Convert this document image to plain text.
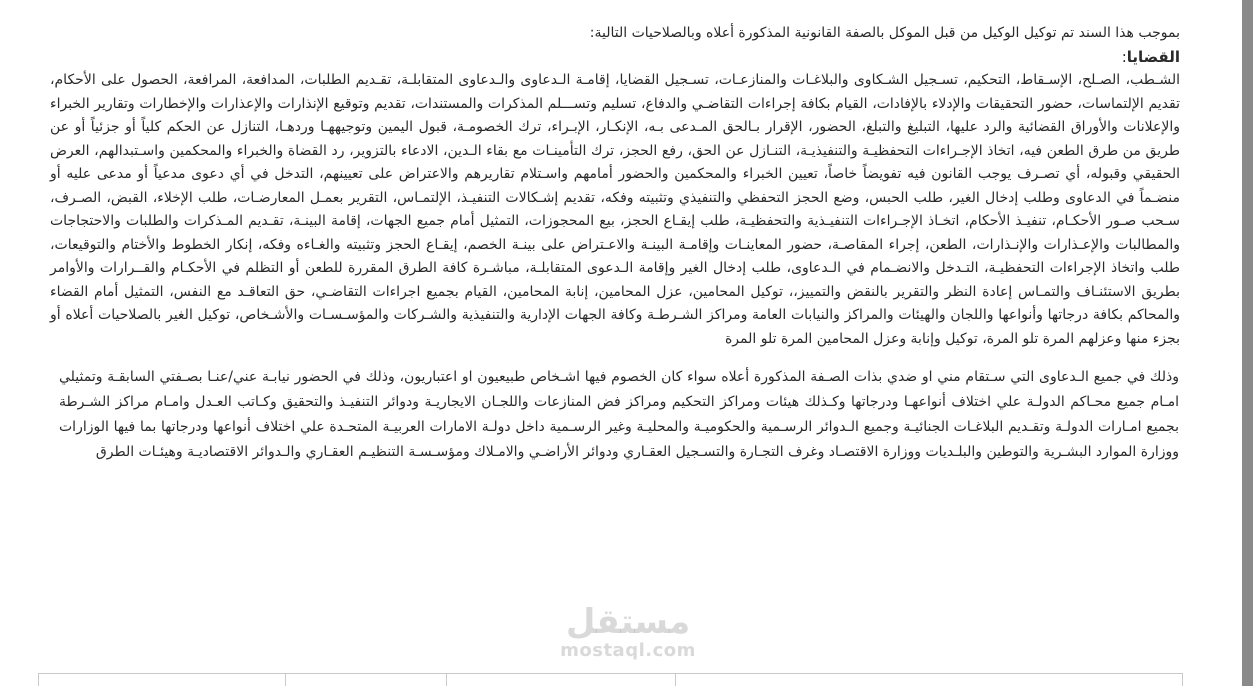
بموجب هذا السند تم توكيل الوكيل من قبل الموكل بالصفة القانونية المذكورة أعلاه وبالصلاحيات التالية:

القضايا:

الشـطب، الصـلح، الإسـقاط، التحكيم، تسـجيل الشـكاوى والبلاغـات والمنازعـات، تسـجيل القضايا، إقامـة الـدعاوى والـدعاوى المتقابلـة، تقـديم الطلبات، المدافعة، المرافعة، الحصول على الأحكام، تقديم الإلتماسات، حضور التحقيقات والإدلاء بالإفادات، القيام بكافة إجراءات التقاضـي والدفاع، تسليم وتســـلم المذكرات والمستندات، تقديم وتوقيع الإنذارات والإعذارات والإخطارات وتقارير الخبراء والإعلانات والأوراق القضائية والرد عليها، التبليغ والتبلغ، الحضور، الإقرار بـالحق المـدعى بـه، الإنكـار، الإبـراء، ترك الخصومـة، قبول اليمين وتوجيههـا وردهـا، التنازل عن الحكم كلياً أو جزئياً أو عن طريق من طرق الطعن فيه، اتخاذ الإجـراءات التحفظيـة والتنفيذيـة، التنـازل عن الحق، رفع الحجز، ترك التأمينـات مع بقاء الـدين، الادعاء بالتزوير، رد القضاة والخبراء والمحكمين واسـتبدالهم، العرض الحقيقي وقبوله، أي تصـرف يوجب القانون فيه تفويضاً خاصاً، تعيين الخبراء والمحكمين والحضور أمامهم واسـتلام تقاريرهم والاعتراض على تعيينهم، التدخل في أي دعوى مدعياً أو مدعى عليه أو منضـماً في الدعاوى وطلب إدخال الغير، طلب الحبس، وضع الحجز التحفظي والتنفيذي وتثبيته وفكه، تقديم إشـكالات التنفيـذ، الإلتمـاس، التقرير بعمـل المعارضـات، طلب الإخلاء، القبض، الصـرف، سـحب صـور الأحكـام، تنفيـذ الأحكام، اتخـاذ الإجـراءات التنفيـذية والتحفظيـة، طلب إيقـاع الحجز، بيع المحجوزات، التمثيل أمام جميع الجهات، إقامة البينـة، تقـديم المـذكرات والطلبات والاحتجاجات والمطالبات والإعـذارات والإنـذارات، الطعن، إجراء المقاصـة، حضور المعاينـات وإقامـة البينـة والاعـتراض على بينـة الخصم، إيقـاع الحجز وتثبيته والغـاءه وفكه، إنكار الخطوط والأختام والتوقيعات، طلب واتخاذ الإجراءات التحفظيـة، التـدخل والانضـمام في الـدعاوى، طلب إدخال الغير وإقامة الـدعوى المتقابلـة، مباشـرة كافة الطرق المقررة للطعن أو التظلم في الأحكـام والقــرارات والأوامر بطريق الاستئنـاف والتمـاس إعادة النظر والتقرير بالنقض والتمييز،، توكيل المحامين، عزل المحامين، إنابة المحامين، القيام بجميع اجراءات التقاضـي، حق التعاقـد مع النفس، التمثيل أمام القضاء والمحاكم بكافة درجاتها وأنواعها واللجان والهيئات والمراكز والنيابات العامة ومراكز الشـرطـة وكافة الجهات الإدارية والتنفيذية والشـركات والمؤسـسـات والأشـخاص، توكيل الغير بالصلاحيات أعلاه أو بجزء منها وعزلهم المرة تلو المرة، توكيل وإنابة وعزل المحامين المرة تلو المرة

وذلك في جميع الـدعاوى التي سـتقام مني او ضدي بذات الصـفة المذكورة أعلاه سواء كان الخصوم فيها اشـخاص طبيعيون او اعتباريون، وذلك في الحضور نيابـة عني/عنـا بصـفتي السابقـة وتمثيلي امـام جميع محـاكم الدولـة علي اختلاف أنواعهـا ودرجاتها وكـذلك هيئات ومراكز التحكيم ومراكز فض المنازعات واللجـان الايجاريـة ودوائر التنفيـذ والتحقيق وكـاتب العـدل وامـام مراكز الشـرطة بجميع امـارات الدولـة وتقـديم البلاغـات الجنائيـة وجميع الـدوائر الرسـمية والحكوميـة والمحليـة وغير الرسـمية داخل دولـة الامارات العربيـة المتحـدة علي اختلاف أنواعها ودرجاتها بما فيها الوزارات ووزارة الموارد البشـرية والتوطين والبلـديات ووزارة الاقتصـاد وغرف التجـارة والتسـجيل العقـاري ودوائر الأراضـي والامـلاك ومؤسـسـة التنظيـم العقـاري والـدوائر الاقتصاديـة وهيئـات الطرق

مستقل
mostaql.com
